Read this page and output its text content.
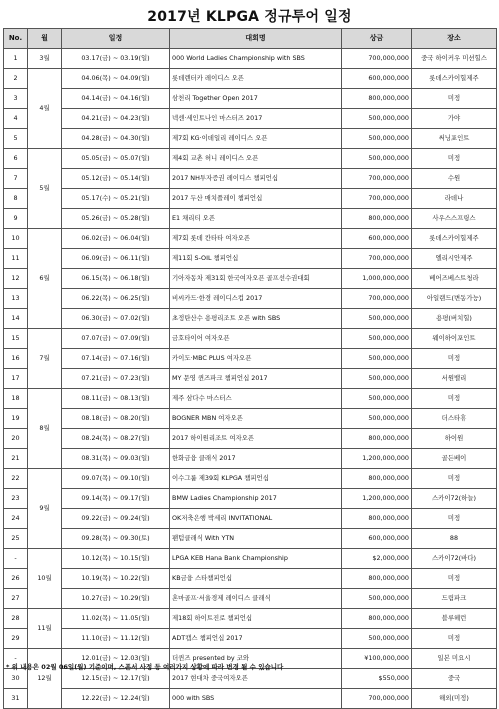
2017년 KLPGA 정규투어 일정
No.	월	일정	대회명	상금	장소
1	3월	03.17(금) ~ 03.19(일)	000 World Ladies Championship with SBS	700,000,000	중국 하이커우 미션힐스
2	4월	04.06(목) ~ 04.09(일)	롯데렌터카 레이디스 오픈	600,000,000	롯데스카이힐제주
3		04.14(금) ~ 04.16(일)	삼천리 Together Open 2017	800,000,000	미정
4		04.21(금) ~ 04.23(일)	넥센·세인트나인 마스터즈 2017	500,000,000	가야
5		04.28(금) ~ 04.30(일)	제7회 KG·이데일리 레이디스 오픈	500,000,000	써닝포인트
6	5월	05.05(금) ~ 05.07(일)	제4회 교촌 허니 레이디스 오픈	500,000,000	미정
7		05.12(금) ~ 05.14(일)	2017 NH투자증권 레이디스 챔피언십	700,000,000	수원
8		05.17(수) ~ 05.21(일)	2017 두산 매치플레이 챔피언십	700,000,000	라데나
9		05.26(금) ~ 05.28(일)	E1 채리티 오픈	800,000,000	사우스스프링스
10	6월	06.02(금) ~ 06.04(일)	제7회 롯데 칸타타 여자오픈	600,000,000	롯데스카이힐제주
11		06.09(금) ~ 06.11(일)	제11회 S-OIL 챔피언십	700,000,000	엘리시안제주
12		06.15(목) ~ 06.18(일)	기아자동차 제31회 한국여자오픈 골프선수권대회	1,000,000,000	베어즈베스트청라
13		06.22(목) ~ 06.25(일)	비씨카드·한경 레이디스컵 2017	700,000,000	아일랜드(변동가능)
14		06.30(금) ~ 07.02(일)	초정탄산수 용평리조트 오픈 with SBS	500,000,000	용평(버치힐)
15	7월	07.07(금) ~ 07.09(일)	금호타이어 여자오픈	500,000,000	웨이하이포인트
16		07.14(금) ~ 07.16(일)	카이도·MBC PLUS 여자오픈	500,000,000	미정
17		07.21(금) ~ 07.23(일)	MY 문영 퀸즈파크 챔피언십 2017	500,000,000	서원밸리
18	8월	08.11(금) ~ 08.13(일)	제주 삼다수 마스터스	500,000,000	미정
19		08.18(금) ~ 08.20(일)	BOGNER MBN 여자오픈	500,000,000	더스타휴
20		08.24(목) ~ 08.27(일)	2017 하이원리조트 여자오픈	800,000,000	하이원
21		08.31(목) ~ 09.03(일)	한화금융 클래식 2017	1,200,000,000	골든베이
22	9월	09.07(목) ~ 09.10(일)	이수그룹 제39회 KLPGA 챔피언십	800,000,000	미정
23		09.14(목) ~ 09.17(일)	BMW Ladies Championship 2017	1,200,000,000	스카이72(하늘)
24		09.22(금) ~ 09.24(일)	OK저축은행 박세리 INVITATIONAL	800,000,000	미정
25		09.28(목) ~ 09.30(토)	팬텀클래식 With YTN	600,000,000	88
-	10월	10.12(목) ~ 10.15(일)	LPGA KEB Hana Bank Championship	$2,000,000	스카이72(바다)
26		10.19(목) ~ 10.22(일)	KB금융 스타챔피언십	800,000,000	미정
27		10.27(금) ~ 10.29(일)	혼마골프·서울경제 레이디스 클래식	500,000,000	드림파크
28	11월	11.02(목) ~ 11.05(일)	제18회 하이트진로 챔피언십	800,000,000	블루헤런
29		11.10(금) ~ 11.12(일)	ADT캡스 챔피언십 2017	500,000,000	미정
-	12월	12.01(금) ~ 12.03(일)	더퀸즈 presented by 코와	¥100,000,000	일본 미요시
30		12.15(금) ~ 12.17(일)	2017 현대차 중국여자오픈	$550,000	중국
31		12.22(금) ~ 12.24(일)	000 with SBS	700,000,000	해외(미정)
* 위 내용은 02월 06일(월) 기준이며, 스폰서 사정 등 여러가지 상황에 따라 변경 될 수 있습니다
